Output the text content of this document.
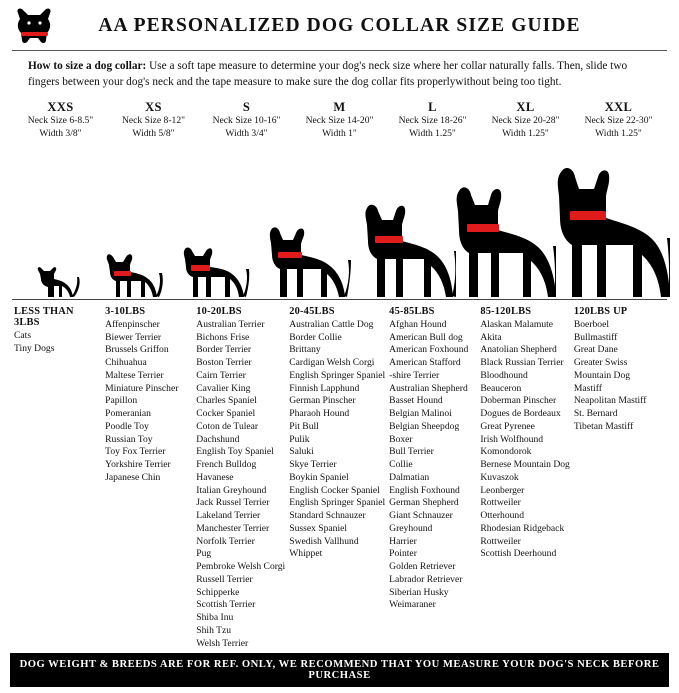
AA PERSONALIZED DOG COLLAR SIZE GUIDE
How to size a dog collar: Use a soft tape measure to determine your dog's neck size where her collar naturally falls. Then, slide two fingers between your dog's neck and the tape measure to make sure the dog collar fits properlywithout being too tight.
XXS
Neck Size 6-8.5"
Width 3/8"
XS
Neck Size 8-12"
Width 5/8"
S
Neck Size 10-16"
Width 3/4"
M
Neck Size 14-20"
Width 1"
L
Neck Size 18-26"
Width 1.25"
XL
Neck Size 20-28"
Width 1.25"
XXL
Neck Size 22-30"
Width 1.25"
LESS THAN 3LBS
Cats
Tiny Dogs
3-10LBS
Affenpinscher
Biewer Terrier
Brussels Griffon
Chihuahua
Maltese Terrier
Miniature Pinscher
Papillon
Pomeranian
Poodle Toy
Russian Toy
Toy Fox Terrier
Yorkshire Terrier
Japanese Chin
10-20LBS
Australian Terrier
Bichons Frise
Border Terrier
Boston Terrier
Cairn Terrier
Cavalier King
Charles Spaniel
Cocker Spaniel
Coton de Tulear
Dachshund
English Toy Spaniel
French Bulldog
Havanese
Italian Greyhound
Jack Russel Terrier
Lakeland Terrier
Manchester Terrier
Norfolk Terrier
Pug
Pembroke Welsh Corgi
Russell Terrier
Schipperke
Scottish Terrier
Shiba Inu
Shih Tzu
Welsh Terrier
20-45LBS
Australian Cattle Dog
Border Collie
Brittany
Cardigan Welsh Corgi
English Springer Spaniel
Finnish Lapphund
German Pinscher
Pharaoh Hound
Pit Bull
Pulik
Saluki
Skye Terrier
Boykin Spaniel
English Cocker Spaniel
English Springer Spaniel
Standard Schnauzer
Sussex Spaniel
Swedish Vallhund
Whippet
45-85LBS
Afghan Hound
American Bull dog
American Foxhound
American Stafford
-shire Terrier
Australian Shepherd
Basset Hound
Belgian Malinoi
Belgian Sheepdog
Boxer
Bull Terrier
Collie
Dalmatian
English Foxhound
German Shepherd
Giant Schnauzer
Greyhound
Harrier
Pointer
Golden Retriever
Labrador Retriever
Siberian Husky
Weimaraner
85-120LBS
Alaskan Malamute
Akita
Anatolian Shepherd
Black Russian Terrier
Bloodhound
Beauceron
Doberman Pinscher
Dogues de Bordeaux
Great Pyrenee
Irish Wolfhound
Komondorok
Bernese Mountain Dog
Kuvaszok
Leonberger
Rottweiler
Otterhound
Rhodesian Ridgeback
Rottweiler
Scottish Deerhound
120LBS UP
Boerboel
Bullmastiff
Great Dane
Greater Swiss
Mountain Dog
Mastiff
Neapolitan Mastiff
St. Bernard
Tibetan Mastiff
DOG WEIGHT & BREEDS ARE FOR REF. ONLY, WE RECOMMEND THAT YOU MEASURE YOUR DOG'S NECK BEFORE PURCHASE
